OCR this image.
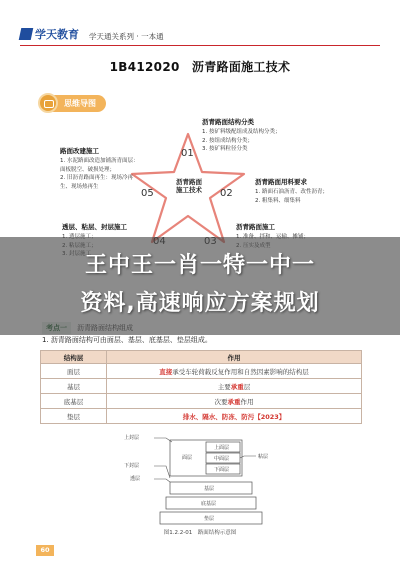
学天教育 学天通关系列 · 一本通
1B412020　沥青路面施工技术
思维导图
沥青路面施工技术
01
02
05
沥青路面结构分类
1. 按矿料级配组成及结构分类；
2. 按组成结构分类；
3. 按矿料粒径分类
沥青路面用料要求
1. 路面石油沥青、改性沥青；
2. 粗集料、细集料
沥青路面施工
透层、粘层、封层施工
路面改建施工
1. 水泥路面改造加铺沥青面层：
面板脱空、破损处理；
2. 旧沥青路面再生：现场冷再
生、现场热再生
1. 沥青路面结构可由面层、基层、底基层、垫层组成。
结构层	作用
面层	直接承受车轮荷载反复作用和自然因素影响的结构层
基层	主要承重层
底基层	次要承重作用
垫层	排水、隔水、防冻、防污【2023】
上封层
面层
上面层
中面层
下面层
粘层
下封层
透层
基层
底基层
垫层
图1.2.2-01　路面结构示意图
60
王中王一肖一特一中一
资料,高速响应方案规划
